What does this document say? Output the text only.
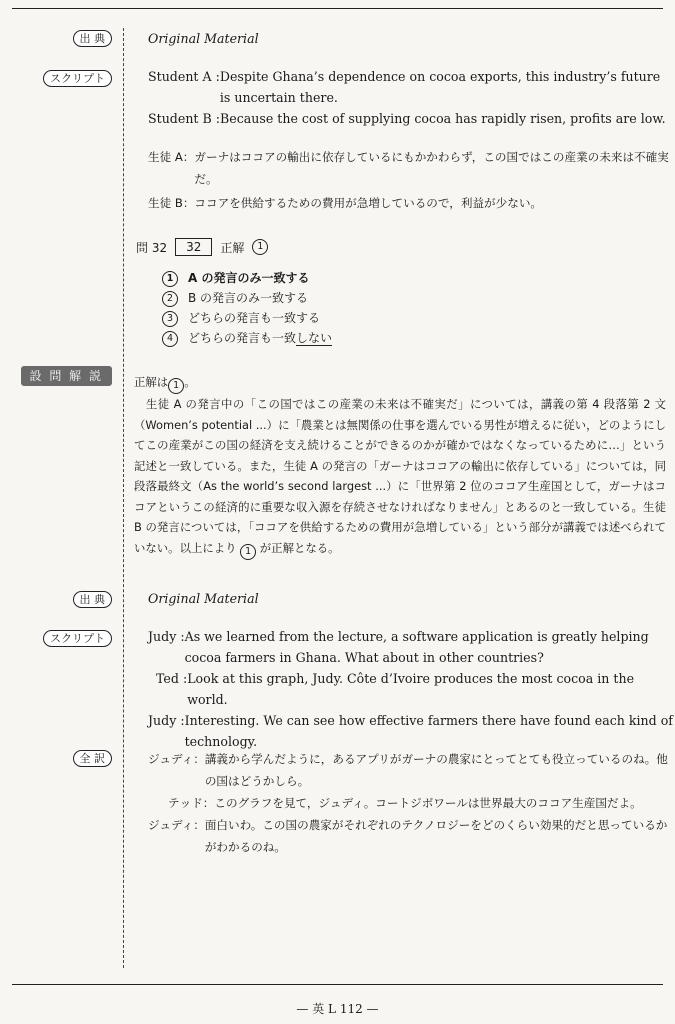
出 典
スクリプト
設 問 解 説
出 典
スクリプト
全 訳
Original Material
Student A : Despite Ghana’s dependence on cocoa exports, this industry’s future is uncertain there.
Student B : Because the cost of supplying cocoa has rapidly risen, profits are low.
生徒 A： ガーナはココアの輸出に依存しているにもかかわらず，この国ではこの産業の未来は不確実だ。
生徒 B： ココアを供給するための費用が急増しているので，利益が少ない。
問 32	32	正解	1
1	A の発言のみ一致する
2	B の発言のみ一致する
3	どちらの発言も一致する
4	どちらの発言も一致しない
正解は 1 。
　生徒 A の発言中の「この国ではこの産業の未来は不確実だ」については，講義の第 4 段落第 2 文（Women’s potential ...）に「農業とは無関係の仕事を選んでいる男性が増えるに従い，どのようにしてこの産業がこの国の経済を支え続けることができるのかが確かではなくなっているために…」という記述と一致している。また，生徒 A の発言の「ガーナはココアの輸出に依存している」については，同段落最終文（As the world’s second largest ...）に「世界第 2 位のココア生産国として，ガーナはココアというこの経済的に重要な収入源を存続させなければなりません」とあるのと一致している。生徒 B の発言については，「ココアを供給するための費用が急増している」という部分が講義では述べられていない。以上により 1 が正解となる。
Original Material
Judy : As we learned from the lecture, a software application is greatly helping cocoa farmers in Ghana. What about in other countries?
Ted : Look at this graph, Judy. Côte d’Ivoire produces the most cocoa in the world.
Judy : Interesting. We can see how effective farmers there have found each kind of technology.
ジュディ： 講義から学んだように，あるアプリがガーナの農家にとってとても役立っているのね。他の国はどうかしら。
テッド： このグラフを見て，ジュディ。コートジボワールは世界最大のココア生産国だよ。
ジュディ： 面白いわ。この国の農家がそれぞれのテクノロジーをどのくらい効果的だと思っているかがわかるのね。
— 英 L 112 —
